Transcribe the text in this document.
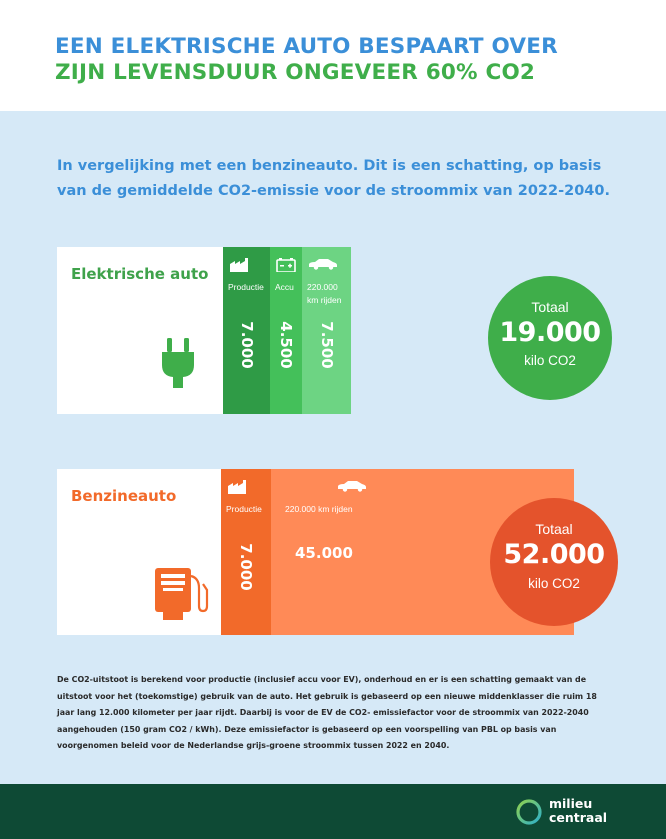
EEN ELEKTRISCHE AUTO BESPAART OVER
ZIJN LEVENSDUUR ONGEVEER 60% CO2
In vergelijking met een benzineauto. Dit is een schatting, op basis van de gemiddelde CO2-emissie voor de stroommix van 2022-2040.
Elektrische auto
Productie
7.000
Accu
4.500
220.000
km rijden
7.500
Totaal
19.000
kilo CO2
Benzineauto
Productie
7.000
220.000 km rijden
45.000
Totaal
52.000
kilo CO2
De CO2-uitstoot is berekend voor productie (inclusief accu voor EV), onderhoud en er is een schatting gemaakt van de uitstoot voor het (toekomstige) gebruik van de auto. Het gebruik is gebaseerd op een nieuwe middenklasser die ruim 18 jaar lang 12.000 kilometer per jaar rijdt. Daarbij is voor de EV de CO2- emissiefactor voor de stroommix van 2022-2040 aangehouden (150 gram CO2 / kWh). Deze emissiefactor is gebaseerd op een voorspelling van PBL op basis van voorgenomen beleid voor de Nederlandse grijs-groene stroommix tussen 2022 en 2040.
milieu
centraal
